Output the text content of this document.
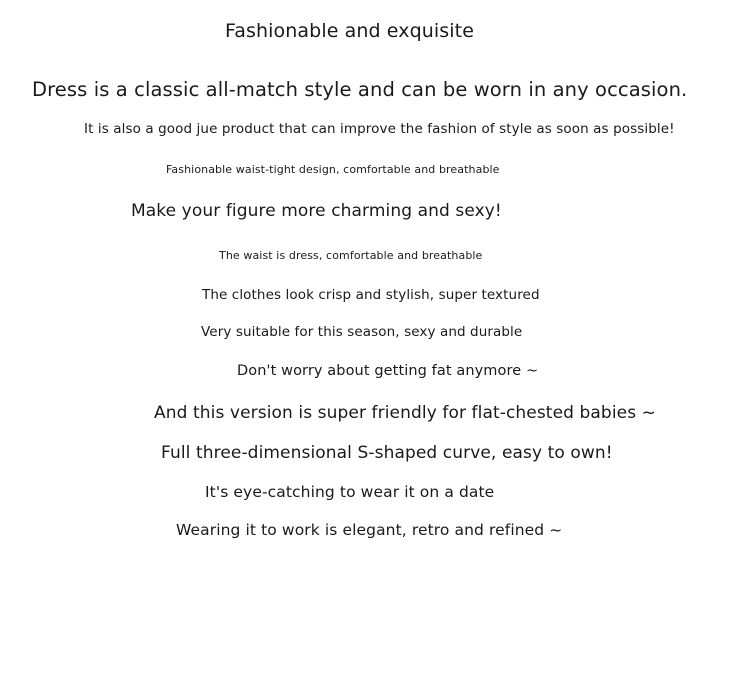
Fashionable and exquisite
Dress is a classic all-match style and can be worn in any occasion.
It is also a good jue product that can improve the fashion of style as soon as possible!
Fashionable waist-tight design, comfortable and breathable
Make your figure more charming and sexy!
The waist is dress, comfortable and breathable
The clothes look crisp and stylish, super textured
Very suitable for this season, sexy and durable
Don't worry about getting fat anymore ~
And this version is super friendly for flat-chested babies ~
Full three-dimensional S-shaped curve, easy to own!
It's eye-catching to wear it on a date
Wearing it to work is elegant, retro and refined ~
